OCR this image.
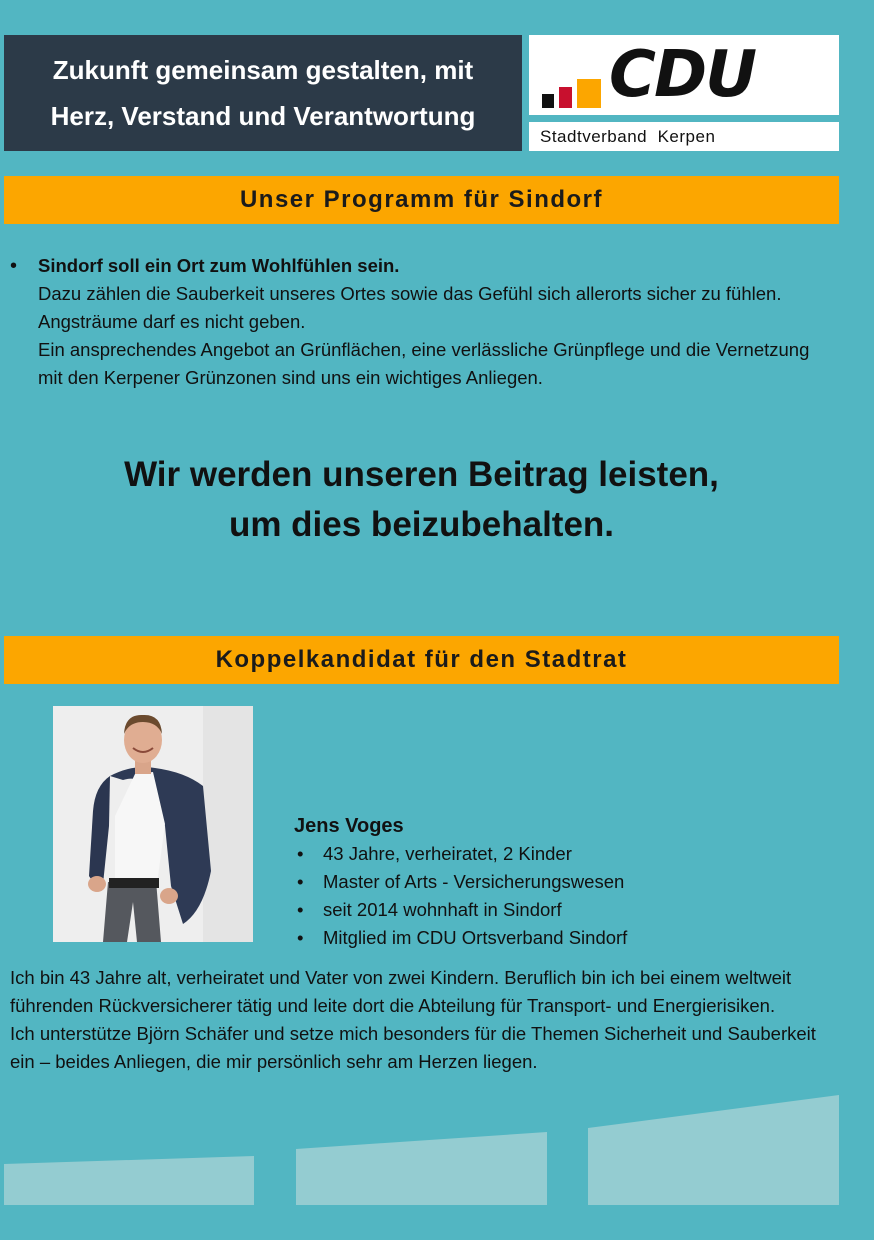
Zukunft gemeinsam gestalten, mit
Herz, Verstand und Verantwortung
CDU
Stadtverband  Kerpen
Unser Programm für Sindorf
• Sindorf soll ein Ort zum Wohlfühlen sein.
Dazu zählen die Sauberkeit unseres Ortes sowie das Gefühl sich allerorts sicher zu fühlen. Angsträume darf es nicht geben.
Ein ansprechendes Angebot an Grünflächen, eine verlässliche Grünpflege und die Vernetzung mit den Kerpener Grünzonen sind uns ein wichtiges Anliegen.
Wir werden unseren Beitrag leisten,
um dies beizubehalten.
Koppelkandidat für den Stadtrat
Jens Voges
• 43 Jahre, verheiratet, 2 Kinder
• Master of Arts - Versicherungswesen
• seit 2014 wohnhaft in Sindorf
• Mitglied im CDU Ortsverband Sindorf

Ich bin 43 Jahre alt, verheiratet und Vater von zwei Kindern. Beruflich bin ich bei einem weltweit führenden Rückversicherer tätig und leite dort die Abteilung für Transport- und Energierisiken.

Ich unterstütze Björn Schäfer und setze mich besonders für die Themen Sicherheit und Sauberkeit ein – beides Anliegen, die mir persönlich sehr am Herzen liegen.
